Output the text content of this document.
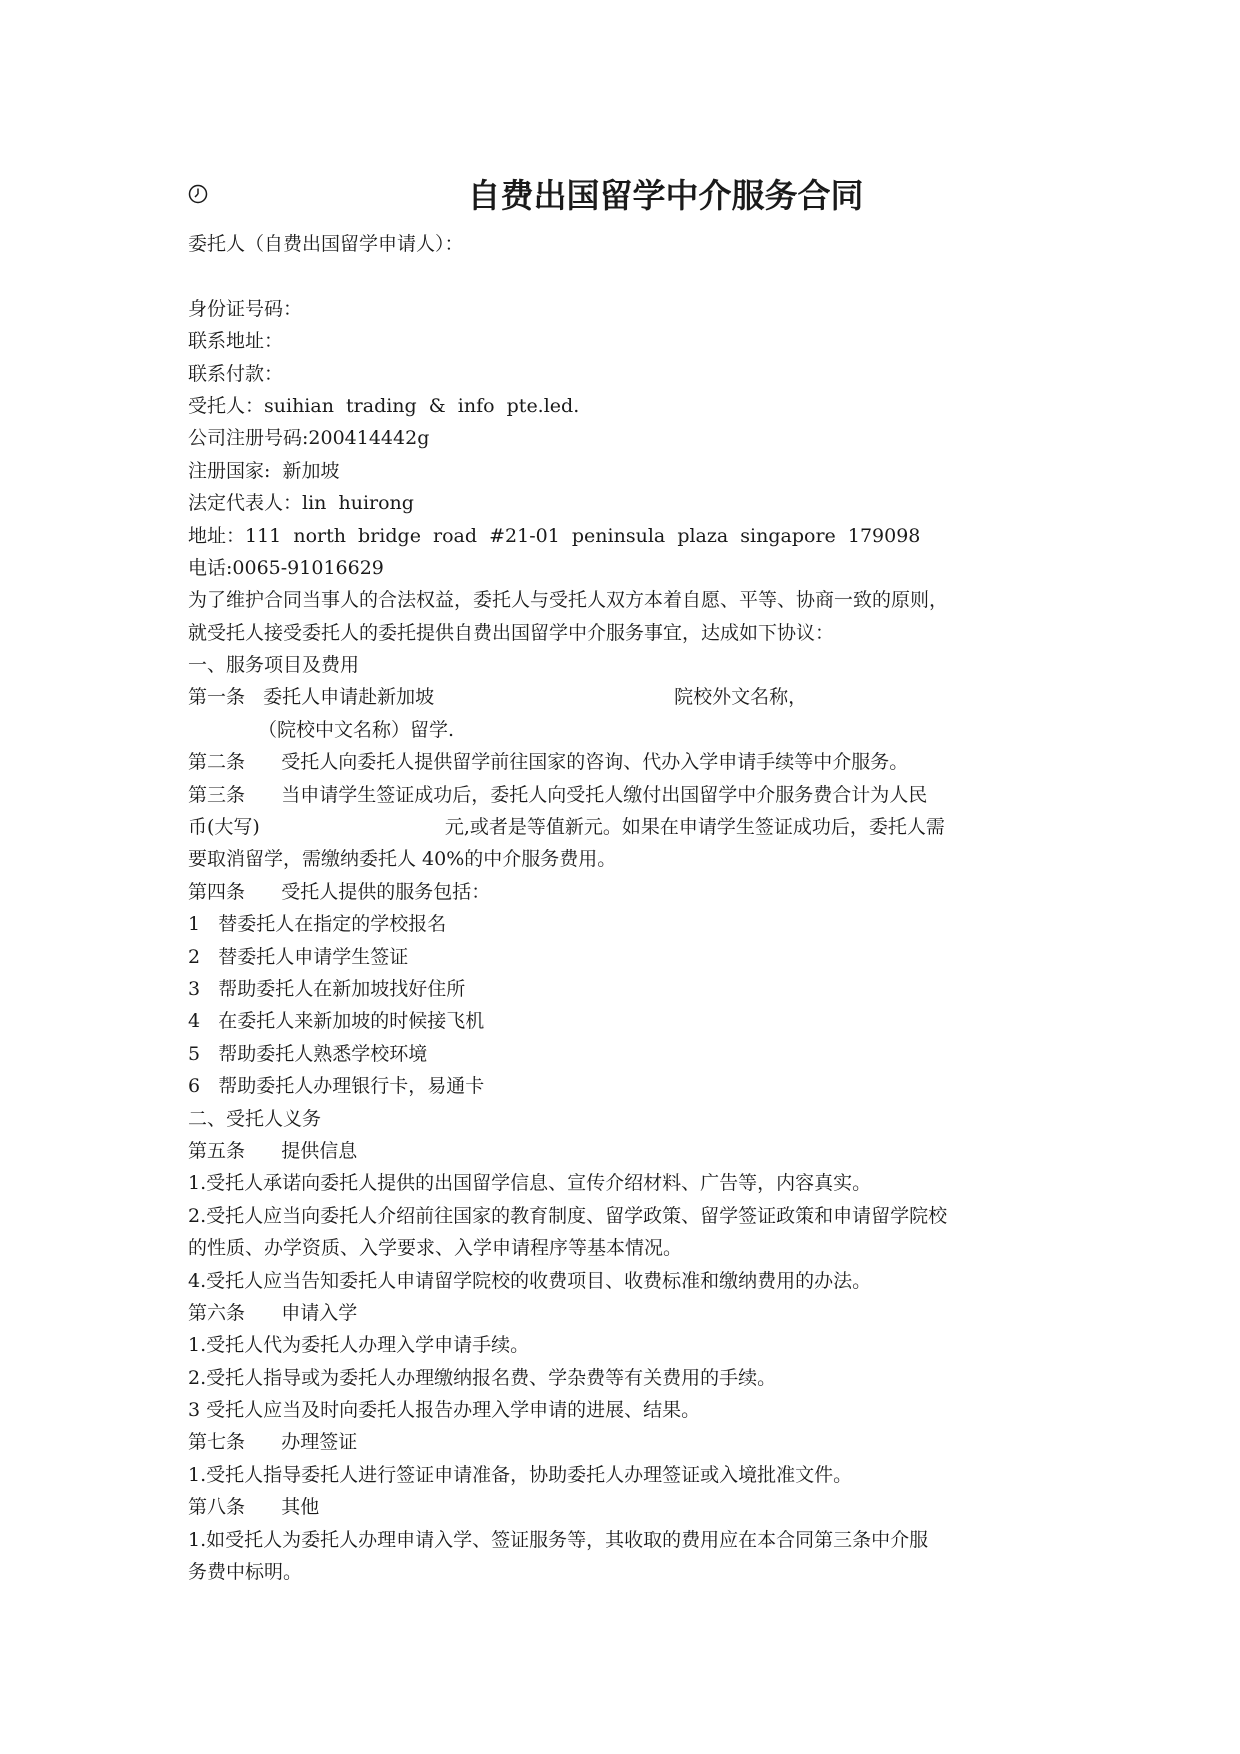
自费出国留学中介服务合同
委托人（自费出国留学申请人）：
身份证号码：
联系地址：
联系付款：
受托人：suihian  trading  &  info  pte.led.
公司注册号码:200414442g
注册国家:  新加坡
法定代表人：lin  huirong
地址：111  north  bridge  road  #21-01  peninsula  plaza  singapore  179098
电话:0065-91016629
为了维护合同当事人的合法权益，委托人与受托人双方本着自愿、平等、协商一致的原则，
就受托人接受委托人的委托提供自费出国留学中介服务事宜，达成如下协议：
一、服务项目及费用
第一条   委托人申请赴新加坡	院校外文名称，
（院校中文名称）留学.
第二条      受托人向委托人提供留学前往国家的咨询、代办入学申请手续等中介服务。
第三条      当申请学生签证成功后，委托人向受托人缴付出国留学中介服务费合计为人民
币(大写)	元,或者是等值新元。如果在申请学生签证成功后，委托人需
要取消留学，需缴纳委托人 40%的中介服务费用。
第四条      受托人提供的服务包括：
1   替委托人在指定的学校报名
2   替委托人申请学生签证
3   帮助委托人在新加坡找好住所
4   在委托人来新加坡的时候接飞机
5   帮助委托人熟悉学校环境
6   帮助委托人办理银行卡，易通卡
二、受托人义务
第五条      提供信息
1.受托人承诺向委托人提供的出国留学信息、宣传介绍材料、广告等，内容真实。
2.受托人应当向委托人介绍前往国家的教育制度、留学政策、留学签证政策和申请留学院校
的性质、办学资质、入学要求、入学申请程序等基本情况。
4.受托人应当告知委托人申请留学院校的收费项目、收费标准和缴纳费用的办法。
第六条      申请入学
1.受托人代为委托人办理入学申请手续。
2.受托人指导或为委托人办理缴纳报名费、学杂费等有关费用的手续。
3 受托人应当及时向委托人报告办理入学申请的进展、结果。
第七条      办理签证
1.受托人指导委托人进行签证申请准备，协助委托人办理签证或入境批准文件。
第八条      其他
1.如受托人为委托人办理申请入学、签证服务等，其收取的费用应在本合同第三条中介服
务费中标明。
